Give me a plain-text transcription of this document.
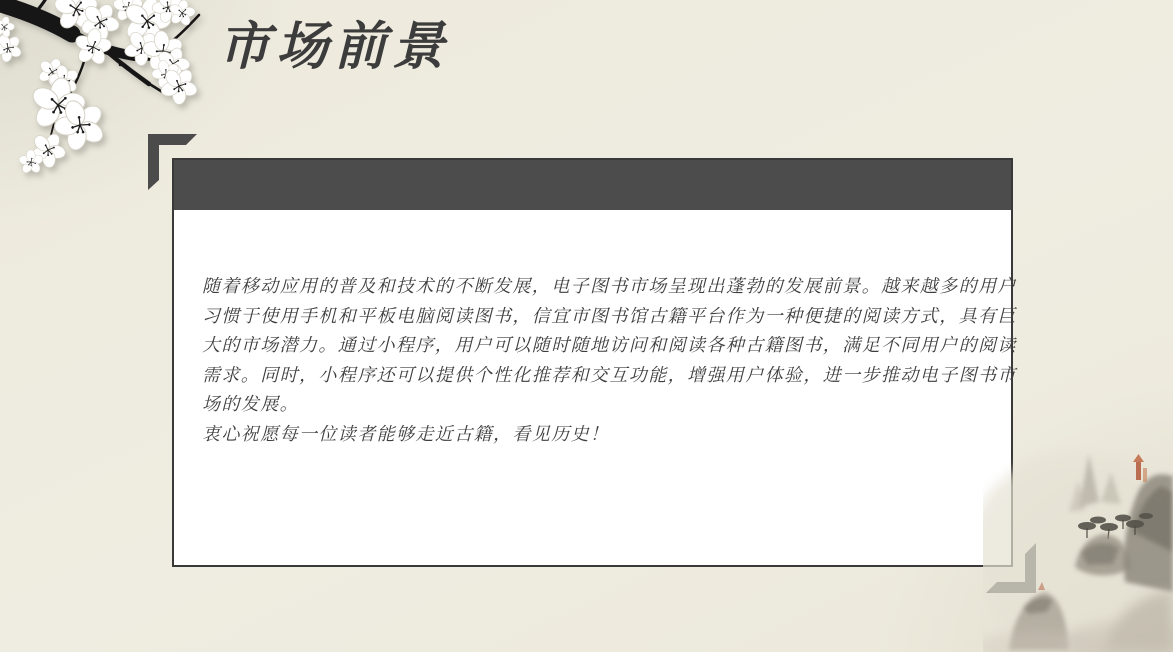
市场前景
随着移动应用的普及和技术的不断发展，电子图书市场呈现出蓬勃的发展前景。越来越多的用户
习惯于使用手机和平板电脑阅读图书，信宜市图书馆古籍平台作为一种便捷的阅读方式，具有巨
大的市场潜力。通过小程序，用户可以随时随地访问和阅读各种古籍图书，满足不同用户的阅读
需求。同时，小程序还可以提供个性化推荐和交互功能，增强用户体验，进一步推动电子图书市
场的发展。
衷心祝愿每一位读者能够走近古籍，看见历史！
